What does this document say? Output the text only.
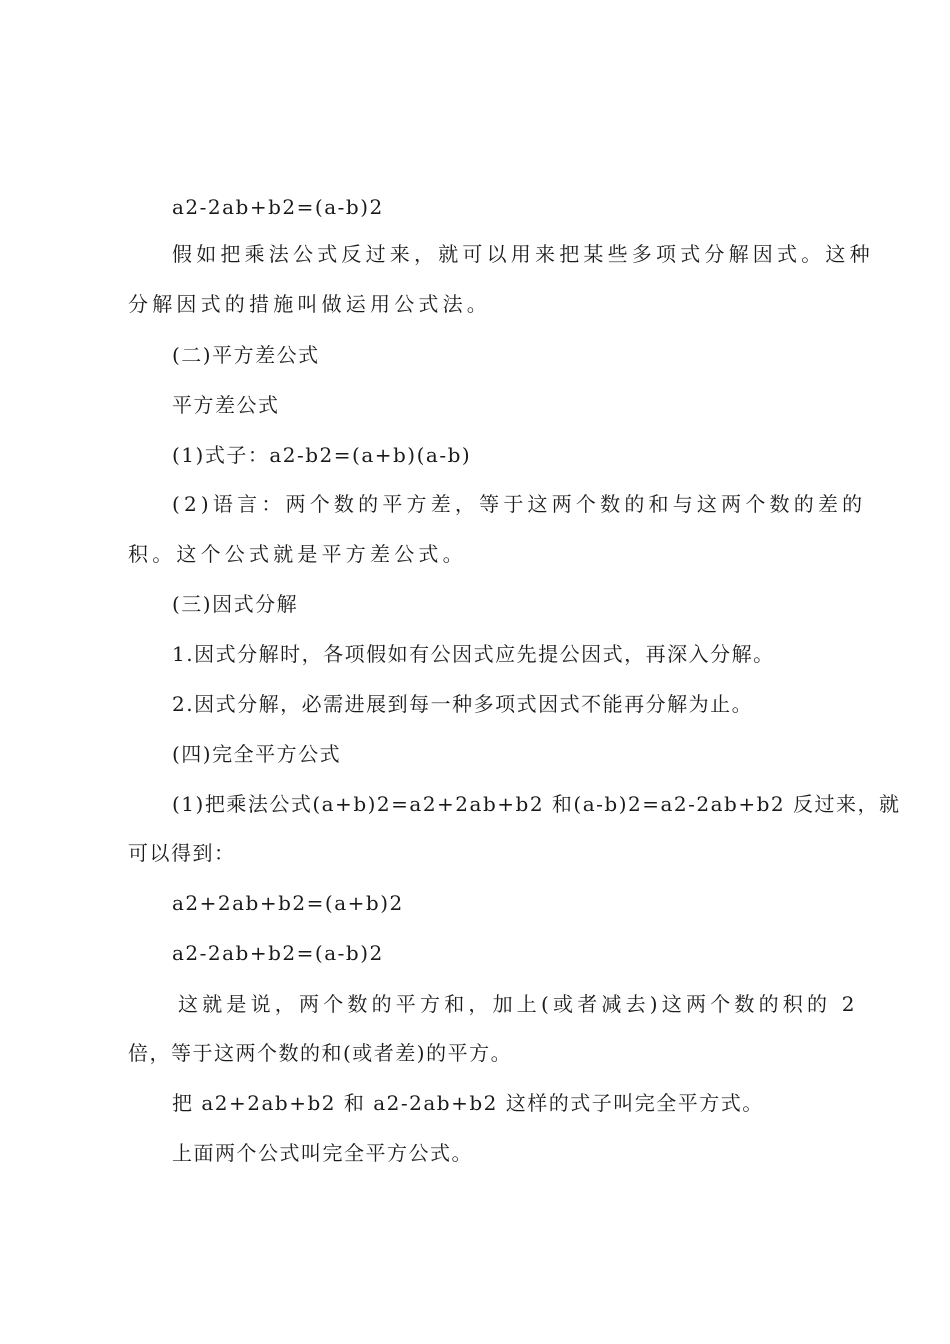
a2-2ab+b2=(a-b)2
假如把乘法公式反过来，就可以用来把某些多项式分解因式。这种
分解因式的措施叫做运用公式法。
(二)平方差公式
平方差公式
(1)式子：a2-b2=(a+b)(a-b)
(2)语言：两个数的平方差，等于这两个数的和与这两个数的差的
积。这个公式就是平方差公式。
(三)因式分解
1.因式分解时，各项假如有公因式应先提公因式，再深入分解。
2.因式分解，必需进展到每一种多项式因式不能再分解为止。
(四)完全平方公式
(1)把乘法公式(a+b)2=a2+2ab+b2 和(a-b)2=a2-2ab+b2 反过来，就
可以得到：
a2+2ab+b2=(a+b)2
a2-2ab+b2=(a-b)2
这就是说，两个数的平方和，加上(或者减去)这两个数的积的 2
倍，等于这两个数的和(或者差)的平方。
把 a2+2ab+b2 和 a2-2ab+b2 这样的式子叫完全平方式。
上面两个公式叫完全平方公式。
